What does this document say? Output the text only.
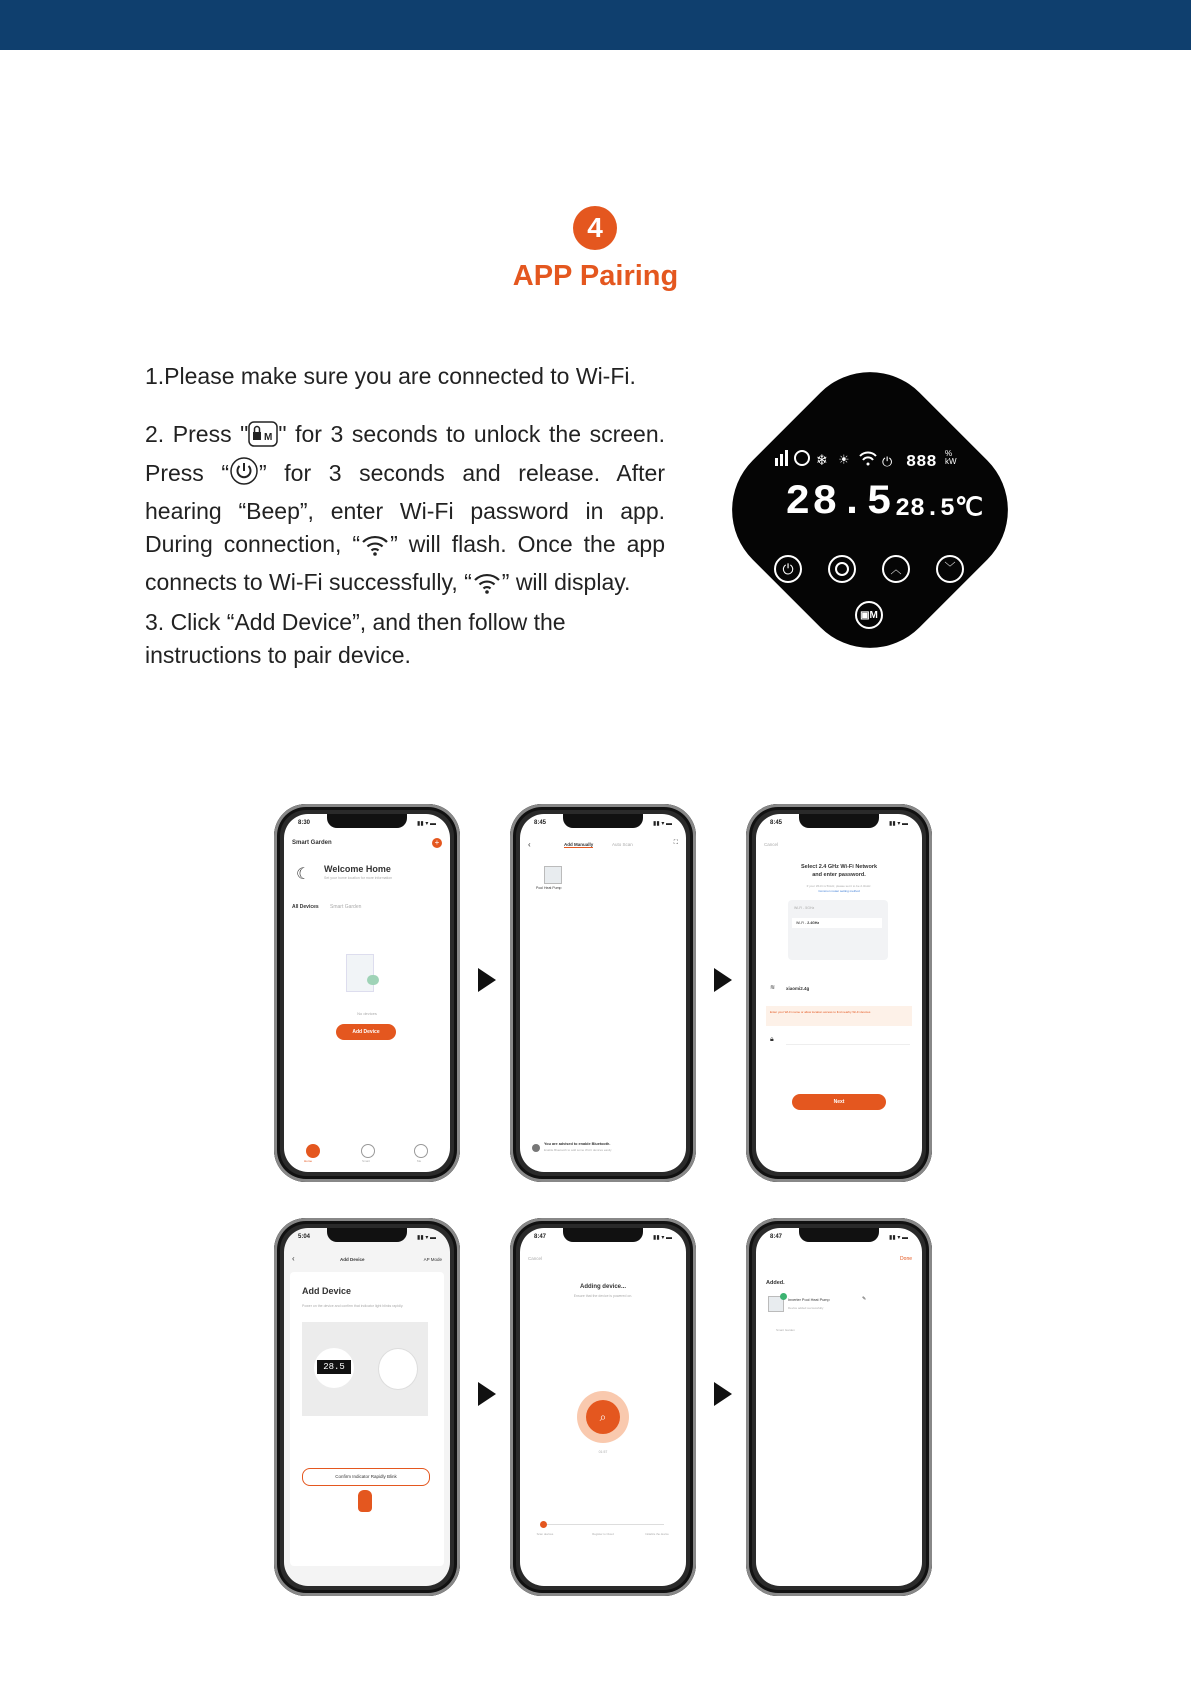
4
APP Pairing
1.Please make sure you are connected to Wi-Fi.
2. Press " M " for 3 seconds to unlock the screen. Press “ ” for 3 seconds and release. After hearing “Beep”, enter Wi-Fi password in app. During connection, “ ” will flash. Once the app connects to Wi-Fi successfully, “ ” will display.
3. Click “Add Device”, and then follow the instructions to pair device.
❄ ☀	⏻ 888 %
kW
28.5 28.5℃
⏻	︿	﹀
▣M
8:30	▮▮ ▾ ▬
Smart Garden	+
☾ Welcome Home
Set your home location for more information
All Devices Smart Garden
No devices
Add Device
Home	Smart	Me
8:45	▮▮ ▾ ▬
‹	Add Manually	Auto Scan	⛶
Pool Heat Pump
You are advised to enable Bluetooth.
Enable Bluetooth to add some Wi-Fi devices easily
8:45	▮▮ ▾ ▬
Cancel
Select 2.4 GHz Wi-Fi Network
and enter password.
If your Wi-Fi is 5GHz, please set it to be 2.4GHz.
Common router setting method
Wi-Fi - 5GHz
Wi-Fi - 2.4GHz
≋ xiaomi2.4g
Enter your Wi-Fi name or allow location access to find nearby Wi-Fi devices
🔒︎
Next
5:04	▮▮ ▾ ▬
‹	Add Device	AP Mode
Add Device
Power on the device and confirm that indicator light blinks rapidly.
28.5
Confirm Indicator Rapidly Blink
8:47	▮▮ ▾ ▬
Cancel
Adding device...
Ensure that the device is powered on.
⌕
01:57
Scan devices	Register to Cloud	Initialize the device
8:47	▮▮ ▾ ▬
Done
Added.
Inverter Pool Heat Pump	✎
Device added successfully
Smart Garden
